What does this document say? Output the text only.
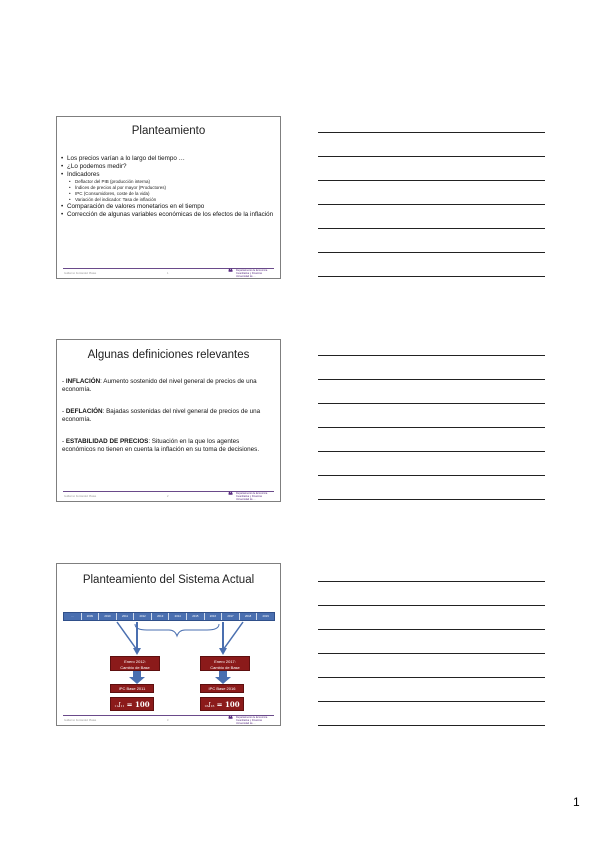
Planteamiento
• Los precios varían a lo largo del tiempo …
• ¿Lo podemos medir?
• Indicadores
• Deflactor del PIB (producción interna)
• Índices de precios al por mayor (Productores)
• IPC (Consumidores, coste de la vida)
• Variación del indicador: Tasa de inflación
• Comparación de valores monetarios en el tiempo
• Corrección de algunas variables económicas de los efectos de la inflación
Guillermo Fernández Platas	1	❝ Departamento de Economía
Cuantitativa y Finanzas
Universidad de ...
Algunas definiciones relevantes
- INFLACIÓN: Aumento sostenido del nivel general de precios de una economía.
- DEFLACIÓN: Bajadas sostenidas del nivel general de precios de una economía.
- ESTABILIDAD DE PRECIOS: Situación en la que los agentes económicos no tienen en cuenta la inflación en su toma de decisiones.
Guillermo Fernández Platas	2	❝ Departamento de Economía
Cuantitativa y Finanzas
Universidad de ...
Planteamiento del Sistema Actual
…	2009	2010	2011	2012	2013	2014	2015	2016	2017	2018	2019
Enero 2012:
Cambio de Base
Enero 2017:
Cambio de Base
IPC Base 2011	IPC Base 2016
11I11 = 100	16I16 = 100
Guillermo Fernández Platas	3	❝ Departamento de Economía
Cuantitativa y Finanzas
Universidad de ...
1
